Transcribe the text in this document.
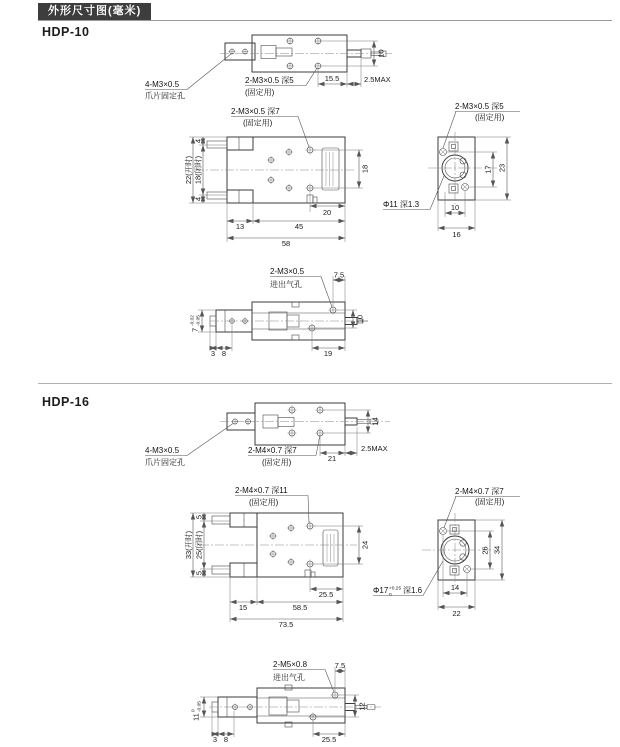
外形尺寸图(毫米)
HDP-10
HDP-16
10
15.5	2.5MAX
4-M3×0.5
爪片固定孔
2-M3×0.5 深5
(固定用)
4
18(闭时)
4
22(开时)	18
20
13	45
58
2-M3×0.5 深7
(固定用)
17 23
10
16
2-M3×0.5 深5
(固定用)
Φ11 深1.3
7.5
10
19
3 8
7
-0.02 -0.05
2-M3×0.5
进出气孔
14
21
2.5MAX
4-M3×0.5
爪片固定孔
2-M4×0.7 深7
(固定用)
5
25(闭时)
5
33(开时)	24
25.5
15	58.5
73.5
2-M4×0.7 深11
(固定用)
26 34
14
22
2-M4×0.7 深7
(固定用)
Φ17 +0.25
0
深1.6
7.5
12
25.5
3 8
11
0 -0.05
2-M5×0.8
进出气孔
